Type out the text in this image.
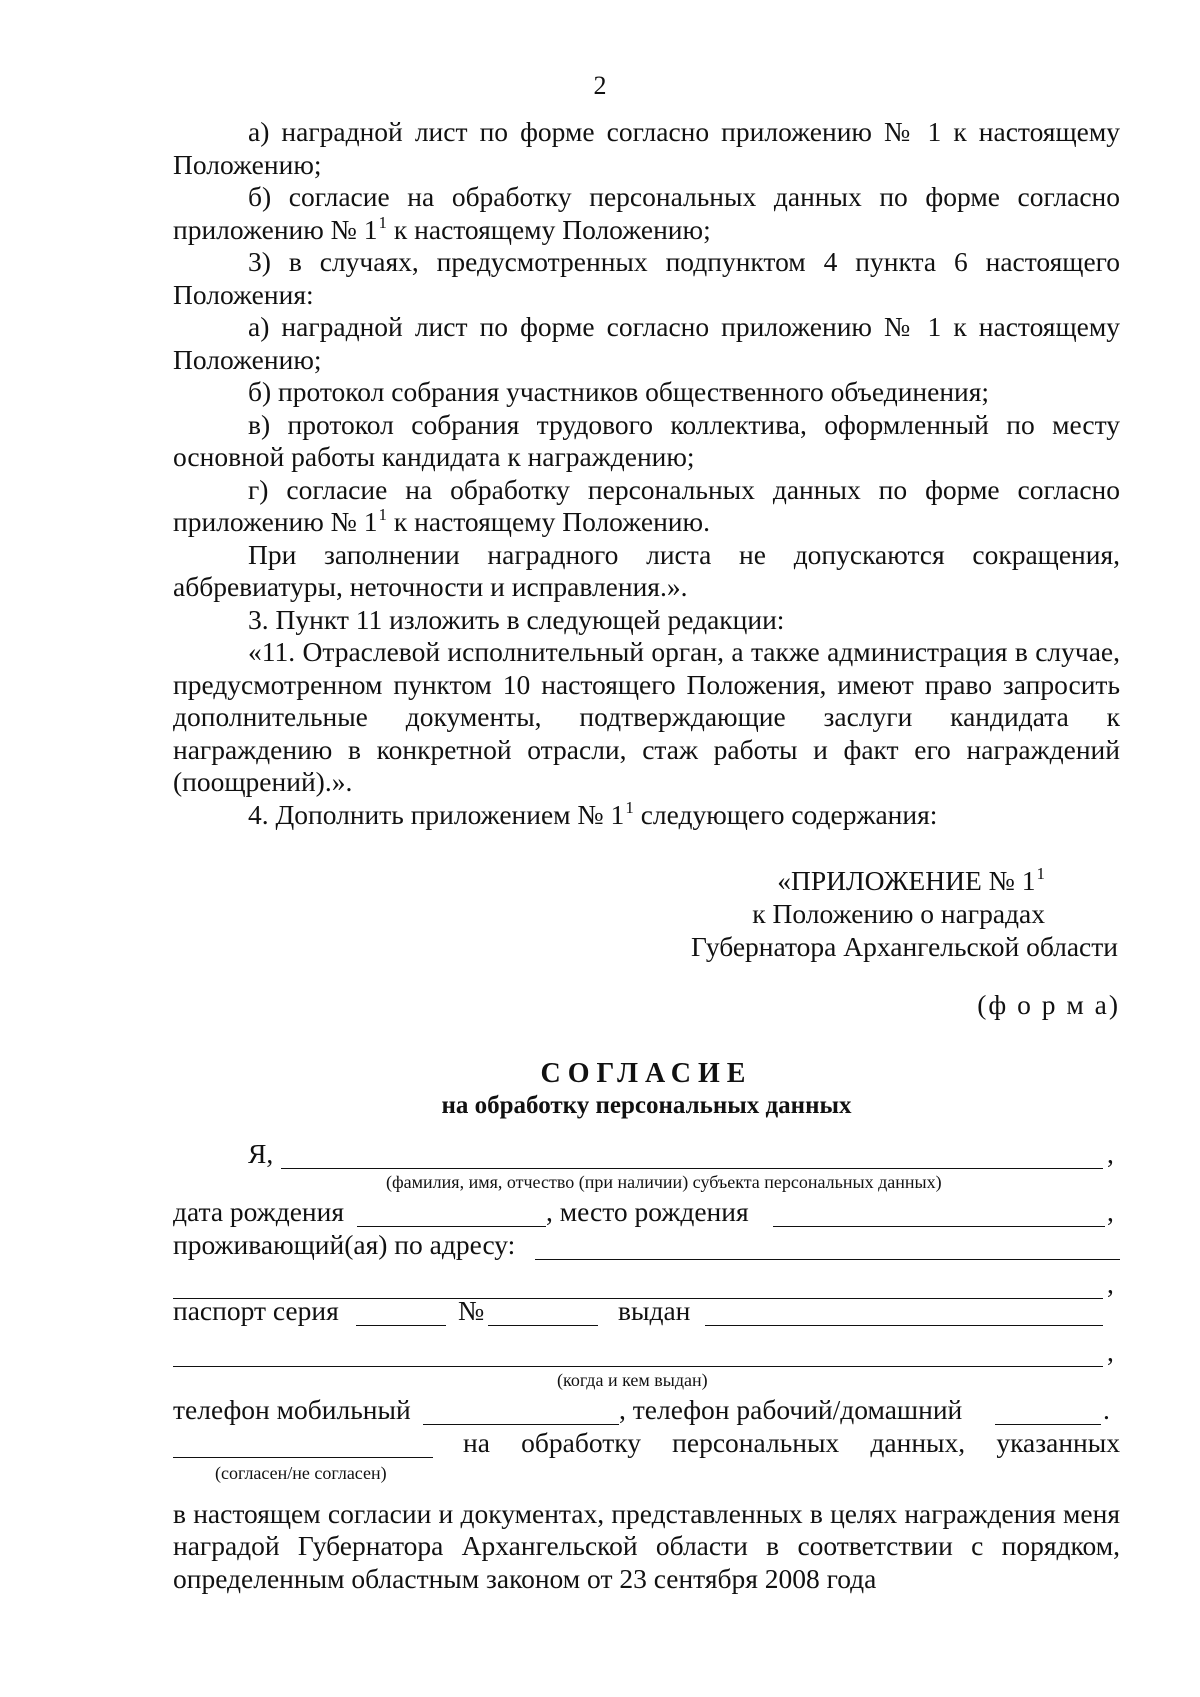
2

а) наградной лист по форме согласно приложению № 1 к настоящему Положению;

б) согласие на обработку персональных данных по форме согласно приложению № $1^1$ к настоящему Положению;

3) в случаях, предусмотренных подпунктом 4 пункта 6 настоящего Положения:

а) наградной лист по форме согласно приложению № 1 к настоящему Положению;

б) протокол собрания участников общественного объединения;

в) протокол собрания трудового коллектива, оформленный по месту основной работы кандидата к награждению;

г) согласие на обработку персональных данных по форме согласно приложению № $1^1$ к настоящему Положению.

При заполнении наградного листа не допускаются сокращения, аббревиатуры, неточности и исправления.».

3. Пункт 11 изложить в следующей редакции:

«11. Отраслевой исполнительный орган, а также администрация в случае, предусмотренном пунктом 10 настоящего Положения, имеют право запросить дополнительные документы, подтверждающие заслуги кандидата к награждению в конкретной отрасли, стаж работы и факт его награждений (поощрений).».

4. Дополнить приложением № $1^1$ следующего содержания:

«ПРИЛОЖЕНИЕ № $1^1$
к Положению о наградах
Губернатора Архангельской области
(ф о р м а)
СОГЛАСИЕ
на обработку персональных данных
Я,	,
(фамилия, имя, отчество (при наличии) субъекта персональных данных)
дата рождения	, место рождения	,
проживающий(ая) по адресу:
,
паспорт серия	№	выдан
,
(когда и кем выдан)
телефон мобильный	, телефон рабочий/домашний	.
на обработку персональных данных, указанных
(согласен/не согласен)

в настоящем согласии и документах, представленных в целях награждения меня наградой Губернатора Архангельской области в соответствии с порядком, определенным областным законом от 23 сентября 2008 года
